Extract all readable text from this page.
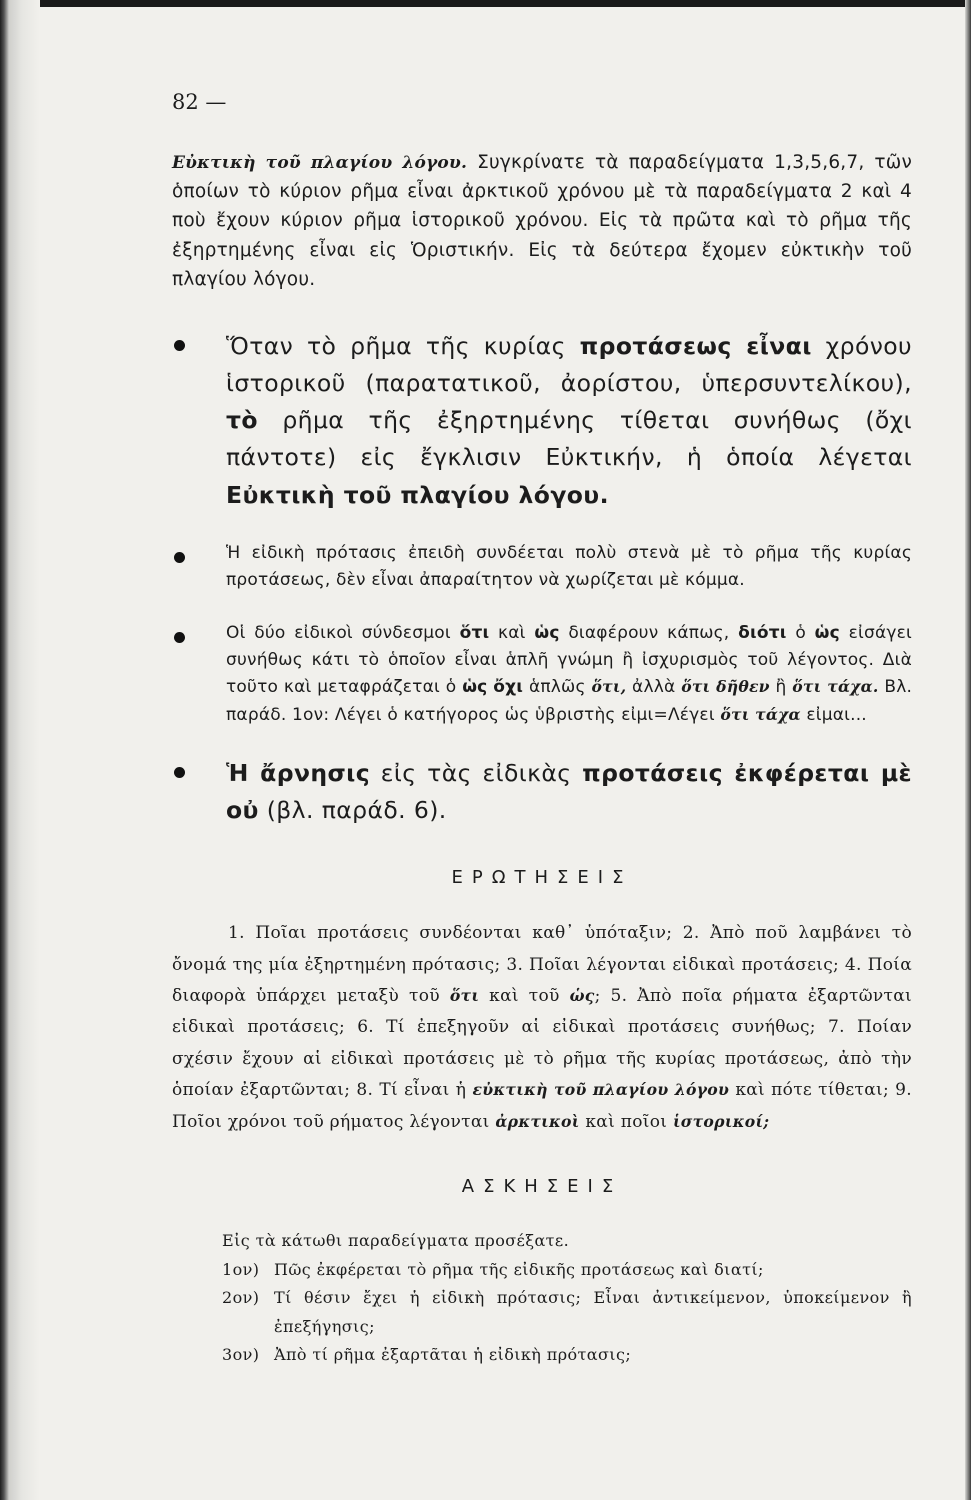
82 —

Εὐκτικὴ τοῦ πλαγίου λόγου. Συγκρίνατε τὰ παραδείγματα 1,3,5,6,7, τῶν ὁποίων τὸ κύριον ρῆμα εἶναι ἀρκτικοῦ χρόνου μὲ τὰ παραδείγματα 2 καὶ 4 ποὺ ἔχουν κύριον ρῆμα ἱστορικοῦ χρόνου. Εἰς τὰ πρῶτα καὶ τὸ ρῆμα τῆς ἐξηρτημένης εἶναι εἰς Ὁριστικήν. Εἰς τὰ δεύτερα ἔχομεν εὐκτικὴν τοῦ πλαγίου λόγου.

Ὅταν τὸ ρῆμα τῆς κυρίας προτάσεως εἶναι χρόνου ἱστορικοῦ (παρατατικοῦ, ἀορίστου, ὑπερσυντελίκου), τὸ ρῆμα τῆς ἐξηρτημένης τίθεται συνήθως (ὄχι πάντοτε) εἰς ἔγκλισιν Εὐκτικήν, ἡ ὁποία λέγεται Εὐκτικὴ τοῦ πλαγίου λόγου.
Ἡ εἰδικὴ πρότασις ἐπειδὴ συνδέεται πολὺ στενὰ μὲ τὸ ρῆμα τῆς κυρίας προτάσεως, δὲν εἶναι ἀπαραίτητον νὰ χωρίζεται μὲ κόμμα.
Οἱ δύο εἰδικοὶ σύνδεσμοι ὅτι καὶ ὡς διαφέρουν κάπως, διότι ὁ ὡς εἰσάγει συνήθως κάτι τὸ ὁποῖον εἶναι ἁπλῆ γνώμη ἢ ἰσχυρισμὸς τοῦ λέγοντος. Διὰ τοῦτο καὶ μεταφράζεται ὁ ὡς ὄχι ἁπλῶς ὅτι, ἀλλὰ ὅτι δῆθεν ἢ ὅτι τάχα. Βλ. παράδ. 1ον: Λέγει ὁ κατήγορος ὡς ὑβριστὴς εἰμι=Λέγει ὅτι τάχα εἰμαι...
Ἡ ἄρνησις εἰς τὰς εἰδικὰς προτάσεις ἐκφέρεται μὲ οὐ (βλ. παράδ. 6).
ΕΡΩΤΗΣΕΙΣ

1. Ποῖαι προτάσεις συνδέονται καθ᾽ ὑπόταξιν; 2. Ἀπὸ ποῦ λαμβάνει τὸ ὄνομά της μία ἐξηρτημένη πρότασις; 3. Ποῖαι λέγονται εἰδικαὶ προτάσεις; 4. Ποία διαφορὰ ὑπάρχει μεταξὺ τοῦ ὅτι καὶ τοῦ ὡς; 5. Ἀπὸ ποῖα ρήματα ἐξαρτῶνται εἰδικαὶ προτάσεις; 6. Τί ἐπεξηγοῦν αἱ εἰδικαὶ προτάσεις συνήθως; 7. Ποίαν σχέσιν ἔχουν αἱ εἰδικαὶ προτάσεις μὲ τὸ ρῆμα τῆς κυρίας προτάσεως, ἀπὸ τὴν ὁποίαν ἐξαρτῶνται; 8. Τί εἶναι ἡ εὐκτικὴ τοῦ πλαγίου λόγου καὶ πότε τίθεται; 9. Ποῖοι χρόνοι τοῦ ρήματος λέγονται ἀρκτικοὶ καὶ ποῖοι ἱστορικοί;

ΑΣΚΗΣΕΙΣ
Εἰς τὰ κάτωθι παραδείγματα προσέξατε.
1ον) Πῶς ἐκφέρεται τὸ ρῆμα τῆς εἰδικῆς προτάσεως καὶ διατί;
2ον) Τί θέσιν ἔχει ἡ εἰδικὴ πρότασις; Εἶναι ἀντικείμενον, ὑποκείμενον ἢ ἐπεξήγησις;
3ον) Ἀπὸ τί ρῆμα ἐξαρτᾶται ἡ εἰδικὴ πρότασις;
